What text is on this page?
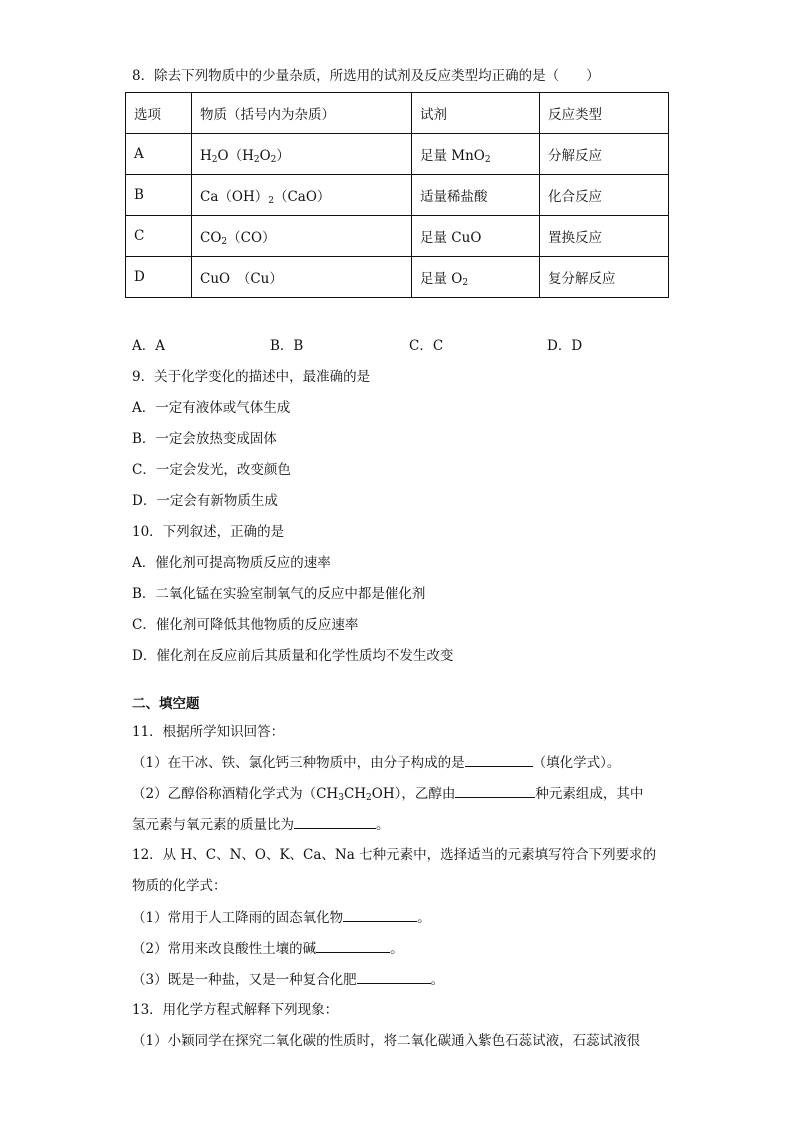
8．除去下列物质中的少量杂质，所选用的试剂及反应类型均正确的是（　　）
选项	物质（括号内为杂质）	试剂	反应类型
A	$H_2O(H_2O_2)$	足量 MnO$_2$	分解反应
B	$Ca(OH)_2(CaO)$	适量稀盐酸	化合反应
C	$CO_2(CO)$	足量 CuO	置换反应
D	CuO　（Cu）	足量 $O_2$	复分解反应
A．A	B．B	C．C	D．D
9．关于化学变化的描述中，最准确的是
A．一定有液体或气体生成
B．一定会放热变成固体
C．一定会发光，改变颜色
D．一定会有新物质生成
10．下列叙述，正确的是
A．催化剂可提高物质反应的速率
B．二氧化锰在实验室制氧气的反应中都是催化剂
C．催化剂可降低其他物质的反应速率
D．催化剂在反应前后其质量和化学性质均不发生改变
二、填空题
11．根据所学知识回答：
（1）在干冰、铁、氯化钙三种物质中，由分子构成的是	（填化学式）。
（2）乙醇俗称酒精化学式为$(CH_3CH_2OH)$，乙醇由	种元素组成，其中
氢元素与氧元素的质量比为	。
12．从 H、C、N、O、K、Ca、Na 七种元素中，选择适当的元素填写符合下列要求的
物质的化学式：
（1）常用于人工降雨的固态氧化物	。
（2）常用来改良酸性土壤的碱	。
（3）既是一种盐，又是一种复合化肥	。
13．用化学方程式解释下列现象：
（1）小颖同学在探究二氧化碳的性质时，将二氧化碳通入紫色石蕊试液，石蕊试液很
